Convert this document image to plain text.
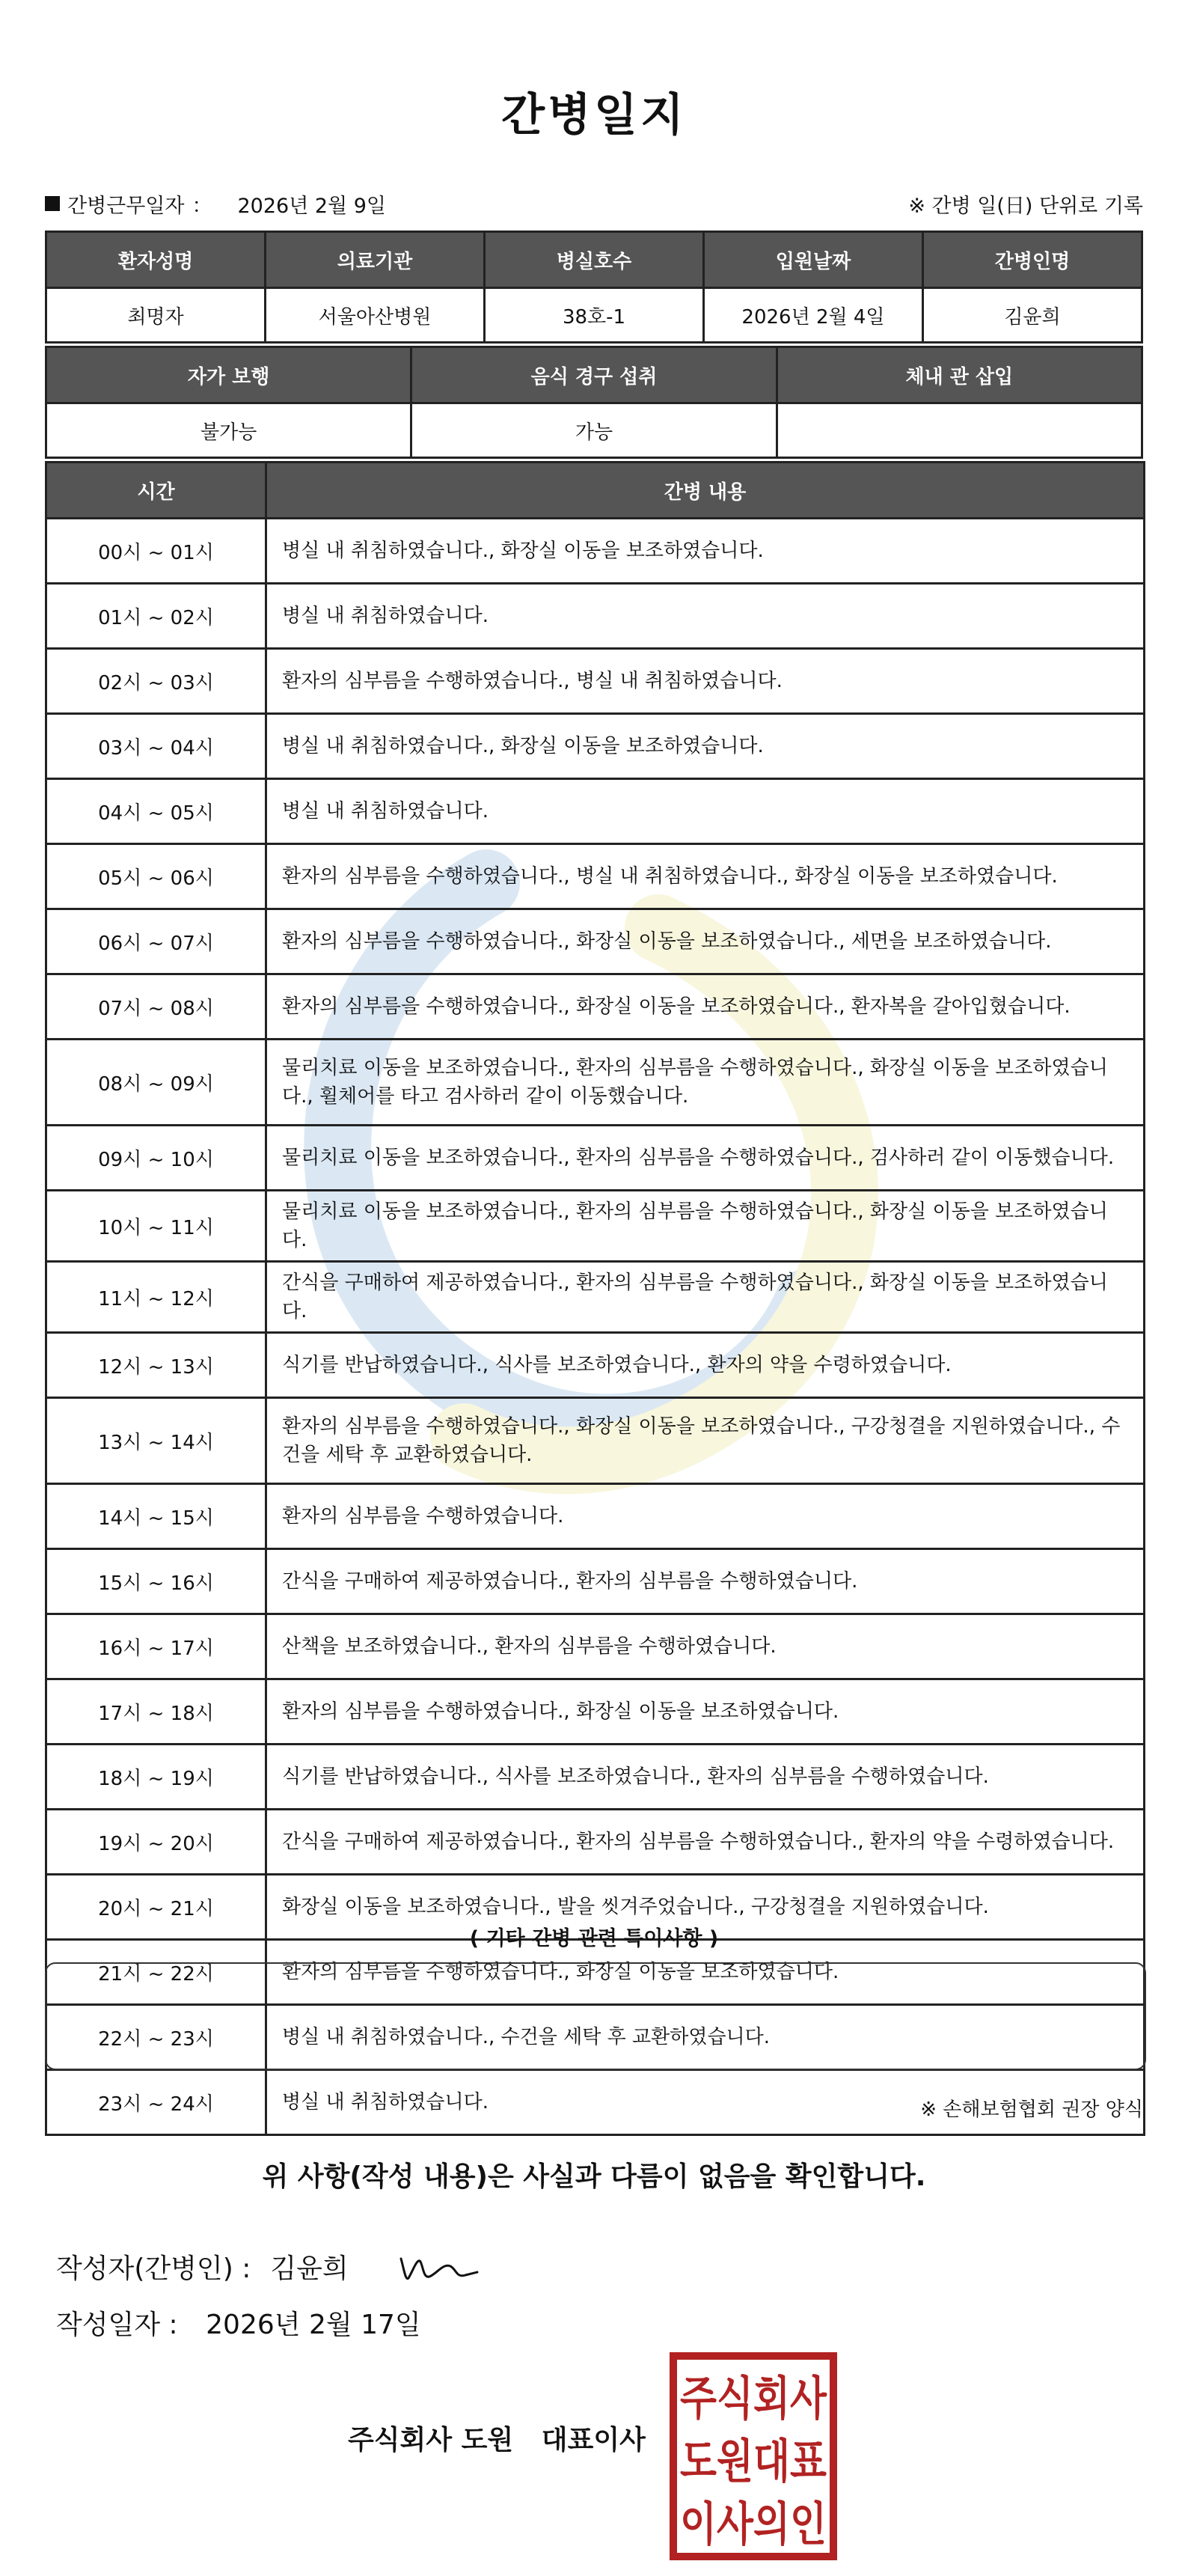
간병일지
간병근무일자 ： 2026년 2월 9일	※ 간병 일(日) 단위로 기록
환자성명	의료기관	병실호수	입원날짜	간병인명
최명자	서울아산병원	38호-1	2026년 2월 4일	김윤희
자가 보행	음식 경구 섭취	체내 관 삽입
불가능	가능	
시간	간병 내용
00시 ~ 01시	병실 내 취침하였습니다., 화장실 이동을 보조하였습니다.
01시 ~ 02시	병실 내 취침하였습니다.
02시 ~ 03시	환자의 심부름을 수행하였습니다., 병실 내 취침하였습니다.
03시 ~ 04시	병실 내 취침하였습니다., 화장실 이동을 보조하였습니다.
04시 ~ 05시	병실 내 취침하였습니다.
05시 ~ 06시	환자의 심부름을 수행하였습니다., 병실 내 취침하였습니다., 화장실 이동을 보조하였습니다.
06시 ~ 07시	환자의 심부름을 수행하였습니다., 화장실 이동을 보조하였습니다., 세면을 보조하였습니다.
07시 ~ 08시	환자의 심부름을 수행하였습니다., 화장실 이동을 보조하였습니다., 환자복을 갈아입혔습니다.
08시 ~ 09시	물리치료 이동을 보조하였습니다., 환자의 심부름을 수행하였습니다., 화장실 이동을 보조하였습니다., 휠체어를 타고 검사하러 같이 이동했습니다.
09시 ~ 10시	물리치료 이동을 보조하였습니다., 환자의 심부름을 수행하였습니다., 검사하러 같이 이동했습니다.
10시 ~ 11시	물리치료 이동을 보조하였습니다., 환자의 심부름을 수행하였습니다., 화장실 이동을 보조하였습니다.
11시 ~ 12시	간식을 구매하여 제공하였습니다., 환자의 심부름을 수행하였습니다., 화장실 이동을 보조하였습니다.
12시 ~ 13시	식기를 반납하였습니다., 식사를 보조하였습니다., 환자의 약을 수령하였습니다.
13시 ~ 14시	환자의 심부름을 수행하였습니다., 화장실 이동을 보조하였습니다., 구강청결을 지원하였습니다., 수건을 세탁 후 교환하였습니다.
14시 ~ 15시	환자의 심부름을 수행하였습니다.
15시 ~ 16시	간식을 구매하여 제공하였습니다., 환자의 심부름을 수행하였습니다.
16시 ~ 17시	산책을 보조하였습니다., 환자의 심부름을 수행하였습니다.
17시 ~ 18시	환자의 심부름을 수행하였습니다., 화장실 이동을 보조하였습니다.
18시 ~ 19시	식기를 반납하였습니다., 식사를 보조하였습니다., 환자의 심부름을 수행하였습니다.
19시 ~ 20시	간식을 구매하여 제공하였습니다., 환자의 심부름을 수행하였습니다., 환자의 약을 수령하였습니다.
20시 ~ 21시	화장실 이동을 보조하였습니다., 발을 씻겨주었습니다., 구강청결을 지원하였습니다.
21시 ~ 22시	환자의 심부름을 수행하였습니다., 화장실 이동을 보조하였습니다.
22시 ~ 23시	병실 내 취침하였습니다., 수건을 세탁 후 교환하였습니다.
23시 ~ 24시	병실 내 취침하였습니다.
( 기타 간병 관련 특이사항 )
※ 손해보험협회 권장 양식
위 사항(작성 내용)은 사실과 다름이 없음을 확인합니다.
작성자(간병인) : 김윤희
작성일자 : 2026년 2월 17일
주식회사 도원   대표이사
주식회사
도원대표
이사의인
